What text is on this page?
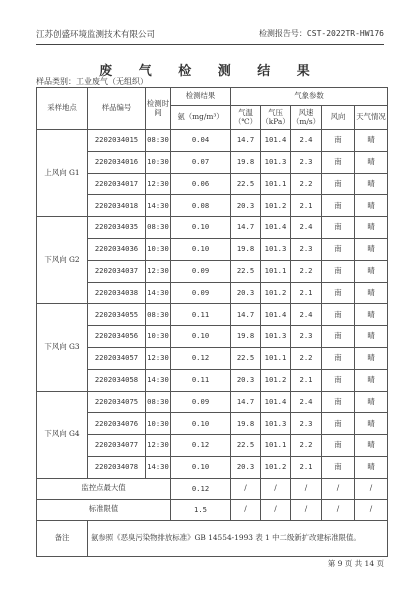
江苏创盛环境监测技术有限公司	检测报告号：CST-2022TR-HW176
废 气 检 测 结 果
样品类别：工业废气（无组织）
采样地点	样品编号	检测时间	检测结果	气象参数				
			氨（mg/m³）	气温（℃）	气压（kPa）	风速（m/s）	风向	天气情况
上风向 G1	2202034015	08:30	0.04	14.7	101.4	2.4	南	晴
	2202034016	10:30	0.07	19.8	101.3	2.3	南	晴
	2202034017	12:30	0.06	22.5	101.1	2.2	南	晴
	2202034018	14:30	0.08	20.3	101.2	2.1	南	晴
下风向 G2	2202034035	08:30	0.10	14.7	101.4	2.4	南	晴
	2202034036	10:30	0.10	19.8	101.3	2.3	南	晴
	2202034037	12:30	0.09	22.5	101.1	2.2	南	晴
	2202034038	14:30	0.09	20.3	101.2	2.1	南	晴
下风向 G3	2202034055	08:30	0.11	14.7	101.4	2.4	南	晴
	2202034056	10:30	0.10	19.8	101.3	2.3	南	晴
	2202034057	12:30	0.12	22.5	101.1	2.2	南	晴
	2202034058	14:30	0.11	20.3	101.2	2.1	南	晴
下风向 G4	2202034075	08:30	0.09	14.7	101.4	2.4	南	晴
	2202034076	10:30	0.10	19.8	101.3	2.3	南	晴
	2202034077	12:30	0.12	22.5	101.1	2.2	南	晴
	2202034078	14:30	0.10	20.3	101.2	2.1	南	晴
监控点最大值			0.12	/	/	/	/	/
标准限值			1.5	/	/	/	/	/
备注	氨参照《恶臭污染物排放标准》GB 14554-1993 表 1 中二级新扩改建标准限值。							
第 9 页 共 14 页
